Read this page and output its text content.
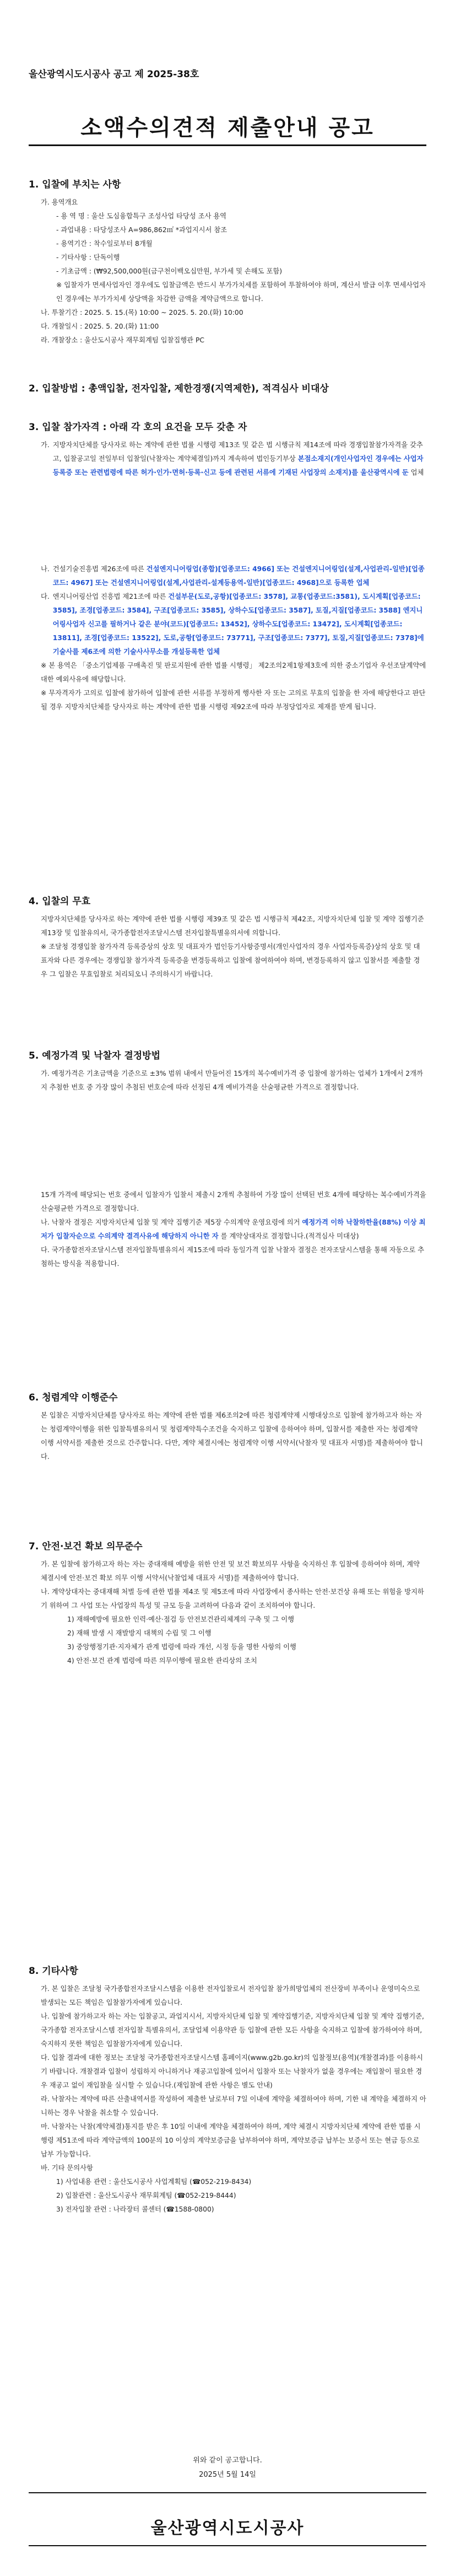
울산광역시도시공사 공고 제 2025-38호
소액수의견적 제출안내 공고
1. 입찰에 부치는 사항
가. 용역개요
- 용 역 명 : 울산 도심융합특구 조성사업 타당성 조사 용역
- 과업내용 : 타당성조사 A=986,862㎡ *과업지시서 참조
- 용역기간 : 착수일로부터 8개월
- 기타사항 : 단독이행
- 기초금액 : (₩92,500,000원(금구천이백오십만원, 부가세 및 손해도 포함)
※ 입찰자가 면세사업자인 경우에도 입찰금액은 반드시 부가가치세를 포함하여 투찰하여야 하며, 계산서 발급 이후 면세사업자인 경우에는 부가가치세 상당액을 차감한 금액을 계약금액으로 합니다.
나. 투찰기간 : 2025. 5. 15.(목) 10:00 ~ 2025. 5. 20.(화) 10:00
다. 개찰일시 : 2025. 5. 20.(화) 11:00
라. 개찰장소 : 울산도시공사 재무회계팀 입찰집행관 PC
2. 입찰방법 : 총액입찰, 전자입찰, 제한경쟁(지역제한), 적격심사 비대상
3. 입찰 참가자격 : 아래 각 호의 요건을 모두 갖춘 자
가. 지방자치단체를 당사자로 하는 계약에 관한 법률 시행령 제13조 및 같은 법 시행규칙 제14조에 따라 경쟁입찰참가자격을 갖추고, 입찰공고일 전일부터 입찰일(낙찰자는 계약체결일)까지 계속하여 법인등기부상 본점소재지(개인사업자인 경우에는 사업자등록증 또는 관련법령에 따른 허가·인가·면허·등록·신고 등에 관련된 서류에 기재된 사업장의 소재지)를 울산광역시에 둔 업체
나. 건설기술진흥법 제26조에 따른 건설엔지니어링업(종합)[업종코드: 4966] 또는 건설엔지니어링업(설계,사업관리-일반)[업종코드: 4967] 또는 건설엔지니어링업(설계,사업관리-설계등용역-일반)[업종코드: 4968]으로 등록한 업체
다. 엔지니어링산업 진흥법 제21조에 따른 건설부문(도로,공항)[업종코드: 3578], 교통(업종코드:3581), 도시계획[업종코드: 3585], 조경[업종코드: 3584], 구조[업종코드: 3585], 상하수도[업종코드: 3587], 토질,지질[업종코드: 3588] 엔지니어링사업자 신고를 필하거나 같은 분야(코드)[업종코드: 13452], 상하수도[업종코드: 13472], 도시계획[업종코드: 13811], 조경[업종코드: 13522], 도로,공항[업종코드: 73771], 구조[업종코드: 7377], 토질,지질[업종코드: 7378]에 기술사를 제6조에 의한 기술사사무소를 개설등록한 업체
※ 본 용역은 「중소기업제품 구매촉진 및 판로지원에 관한 법률 시행령」 제2조의2제1항제3호에 의한 중소기업자 우선조달계약에 대한 예외사유에 해당합니다.
※ 무자격자가 고의로 입찰에 참가하여 입찰에 관한 서류를 부정하게 행사한 자 또는 고의로 무효의 입찰을 한 자에 해당한다고 판단될 경우 지방자치단체를 당사자로 하는 계약에 관한 법률 시행령 제92조에 따라 부정당업자로 제재를 받게 됩니다.
4. 입찰의 무효
지방자치단체를 당사자로 하는 계약에 관한 법률 시행령 제39조 및 같은 법 시행규칙 제42조, 지방자치단체 입찰 및 계약 집행기준 제13장 및 입찰유의서, 국가종합전자조달시스템 전자입찰특별유의서에 의합니다.
※ 조달청 경쟁입찰 참가자격 등록증상의 상호 및 대표자가 법인등기사항증명서(개인사업자의 경우 사업자등록증)상의 상호 및 대표자와 다른 경우에는 경쟁입찰 참가자격 등록증을 변경등록하고 입찰에 참여하여야 하며, 변경등록하지 않고 입찰서를 제출할 경우 그 입찰은 무효입찰로 처리되오니 주의하시기 바랍니다.
5. 예정가격 및 낙찰자 결정방법
가. 예정가격은 기초금액을 기준으로 ±3% 범위 내에서 만들어진 15개의 복수예비가격 중 입찰에 참가하는 업체가 1개에서 2개까지 추첨한 번호 중 가장 많이 추첨된 번호순에 따라 선정된 4개 예비가격을 산술평균한 가격으로 결정합니다.
15개 가격에 해당되는 번호 중에서 입찰자가 입찰서 제출시 2개씩 추첨하여 가장 많이 선택된 번호 4개에 해당하는 복수예비가격을 산술평균한 가격으로 결정합니다.
나. 낙찰자 결정은 지방자치단체 입찰 및 계약 집행기준 제5장 수의계약 운영요령에 의거 예정가격 이하 낙찰하한율(88%) 이상 최저가 입찰자순으로 수의계약 결격사유에 해당하지 아니한 자 를 계약상대자로 결정합니다.(적격심사 미대상)
다. 국가종합전자조달시스템 전자입찰특별유의서 제15조에 따라 동일가격 입찰 낙찰자 결정은 전자조달시스템을 통해 자동으로 추첨하는 방식을 적용합니다.
6. 청렴계약 이행준수
본 입찰은 지방자치단체를 당사자로 하는 계약에 관한 법률 제6조의2에 따른 청렴계약제 시행대상으로 입찰에 참가하고자 하는 자는 청렴계약이행을 위한 입찰특별유의서 및 청렴계약특수조건을 숙지하고 입찰에 응하여야 하며, 입찰서를 제출한 자는 청렴계약 이행 서약서를 제출한 것으로 간주합니다. 다만, 계약 체결시에는 청렴계약 이행 서약서(낙찰자 및 대표자 서명)를 제출하여야 합니다.
7. 안전·보건 확보 의무준수
가. 본 입찰에 참가하고자 하는 자는 중대재해 예방을 위한 안전 및 보건 확보의무 사항을 숙지하신 후 입찰에 응하여야 하며, 계약 체결시에 안전·보건 확보 의무 이행 서약서(낙찰업체 대표자 서명)를 제출하여야 합니다.
나. 계약상대자는 중대재해 처벌 등에 관한 법률 제4조 및 제5조에 따라 사업장에서 종사하는 안전·보건상 유해 또는 위험을 방지하기 위하여 그 사업 또는 사업장의 특성 및 규모 등을 고려하여 다음과 같이 조치하여야 합니다.
1) 재해예방에 필요한 인력·예산·점검 등 안전보건관리체계의 구축 및 그 이행
2) 재해 발생 시 재발방지 대책의 수립 및 그 이행
3) 중앙행정기관·지자체가 관계 법령에 따라 개선, 시정 등을 명한 사항의 이행
4) 안전·보건 관계 법령에 따른 의무이행에 필요한 관리상의 조치
8. 기타사항
가. 본 입찰은 조달청 국가종합전자조달시스템을 이용한 전자입찰로서 전자입찰 참가희망업체의 전산장비 부족이나 운영미숙으로 발생되는 모든 책임은 입찰참가자에게 있습니다.
나. 입찰에 참가하고자 하는 자는 입찰공고, 과업지시서, 지방자치단체 입찰 및 계약집행기준, 지방자치단체 입찰 및 계약 집행기준, 국가종합 전자조달시스템 전자입찰 특별유의서, 조달업체 이용약관 등 입찰에 관한 모든 사항을 숙지하고 입찰에 참가하여야 하며, 숙지하지 못한 책임은 입찰참가자에게 있습니다.
다. 입찰 결과에 대한 정보는 조달청 국가종합전자조달시스템 홈페이지(www.g2b.go.kr)의 입찰정보(용역)(개찰결과)를 이용하시기 바랍니다. 개찰결과 입찰이 성립하지 아니하거나 재공고입찰에 있어서 입찰자 또는 낙찰자가 없을 경우에는 재입찰이 필요한 경우 재공고 없이 재입찰을 실시할 수 있습니다.(재입찰에 관한 사항은 별도 안내)
라. 낙찰자는 계약에 따른 산출내역서를 작성하여 제출한 날로부터 7일 이내에 계약을 체결하여야 하며, 기한 내 계약을 체결하지 아니하는 경우 낙찰을 취소할 수 있습니다.
마. 낙찰자는 낙찰(계약체결)통지를 받은 후 10일 이내에 계약을 체결하여야 하며, 계약 체결시 지방자치단체 계약에 관한 법률 시행령 제51조에 따라 계약금액의 100분의 10 이상의 계약보증금을 납부하여야 하며, 계약보증금 납부는 보증서 또는 현금 등으로 납부 가능합니다.
바. 기타 문의사항
1) 사업내용 관련 : 울산도시공사 사업계획팀 (☎052-219-8434)
2) 입찰관련 : 울산도시공사 재무회계팀 (☎052-219-8444)
3) 전자입찰 관련 : 나라장터 콜센터 (☎1588-0800)
위와 같이 공고합니다.
2025년 5월 14일
울산광역시도시공사
